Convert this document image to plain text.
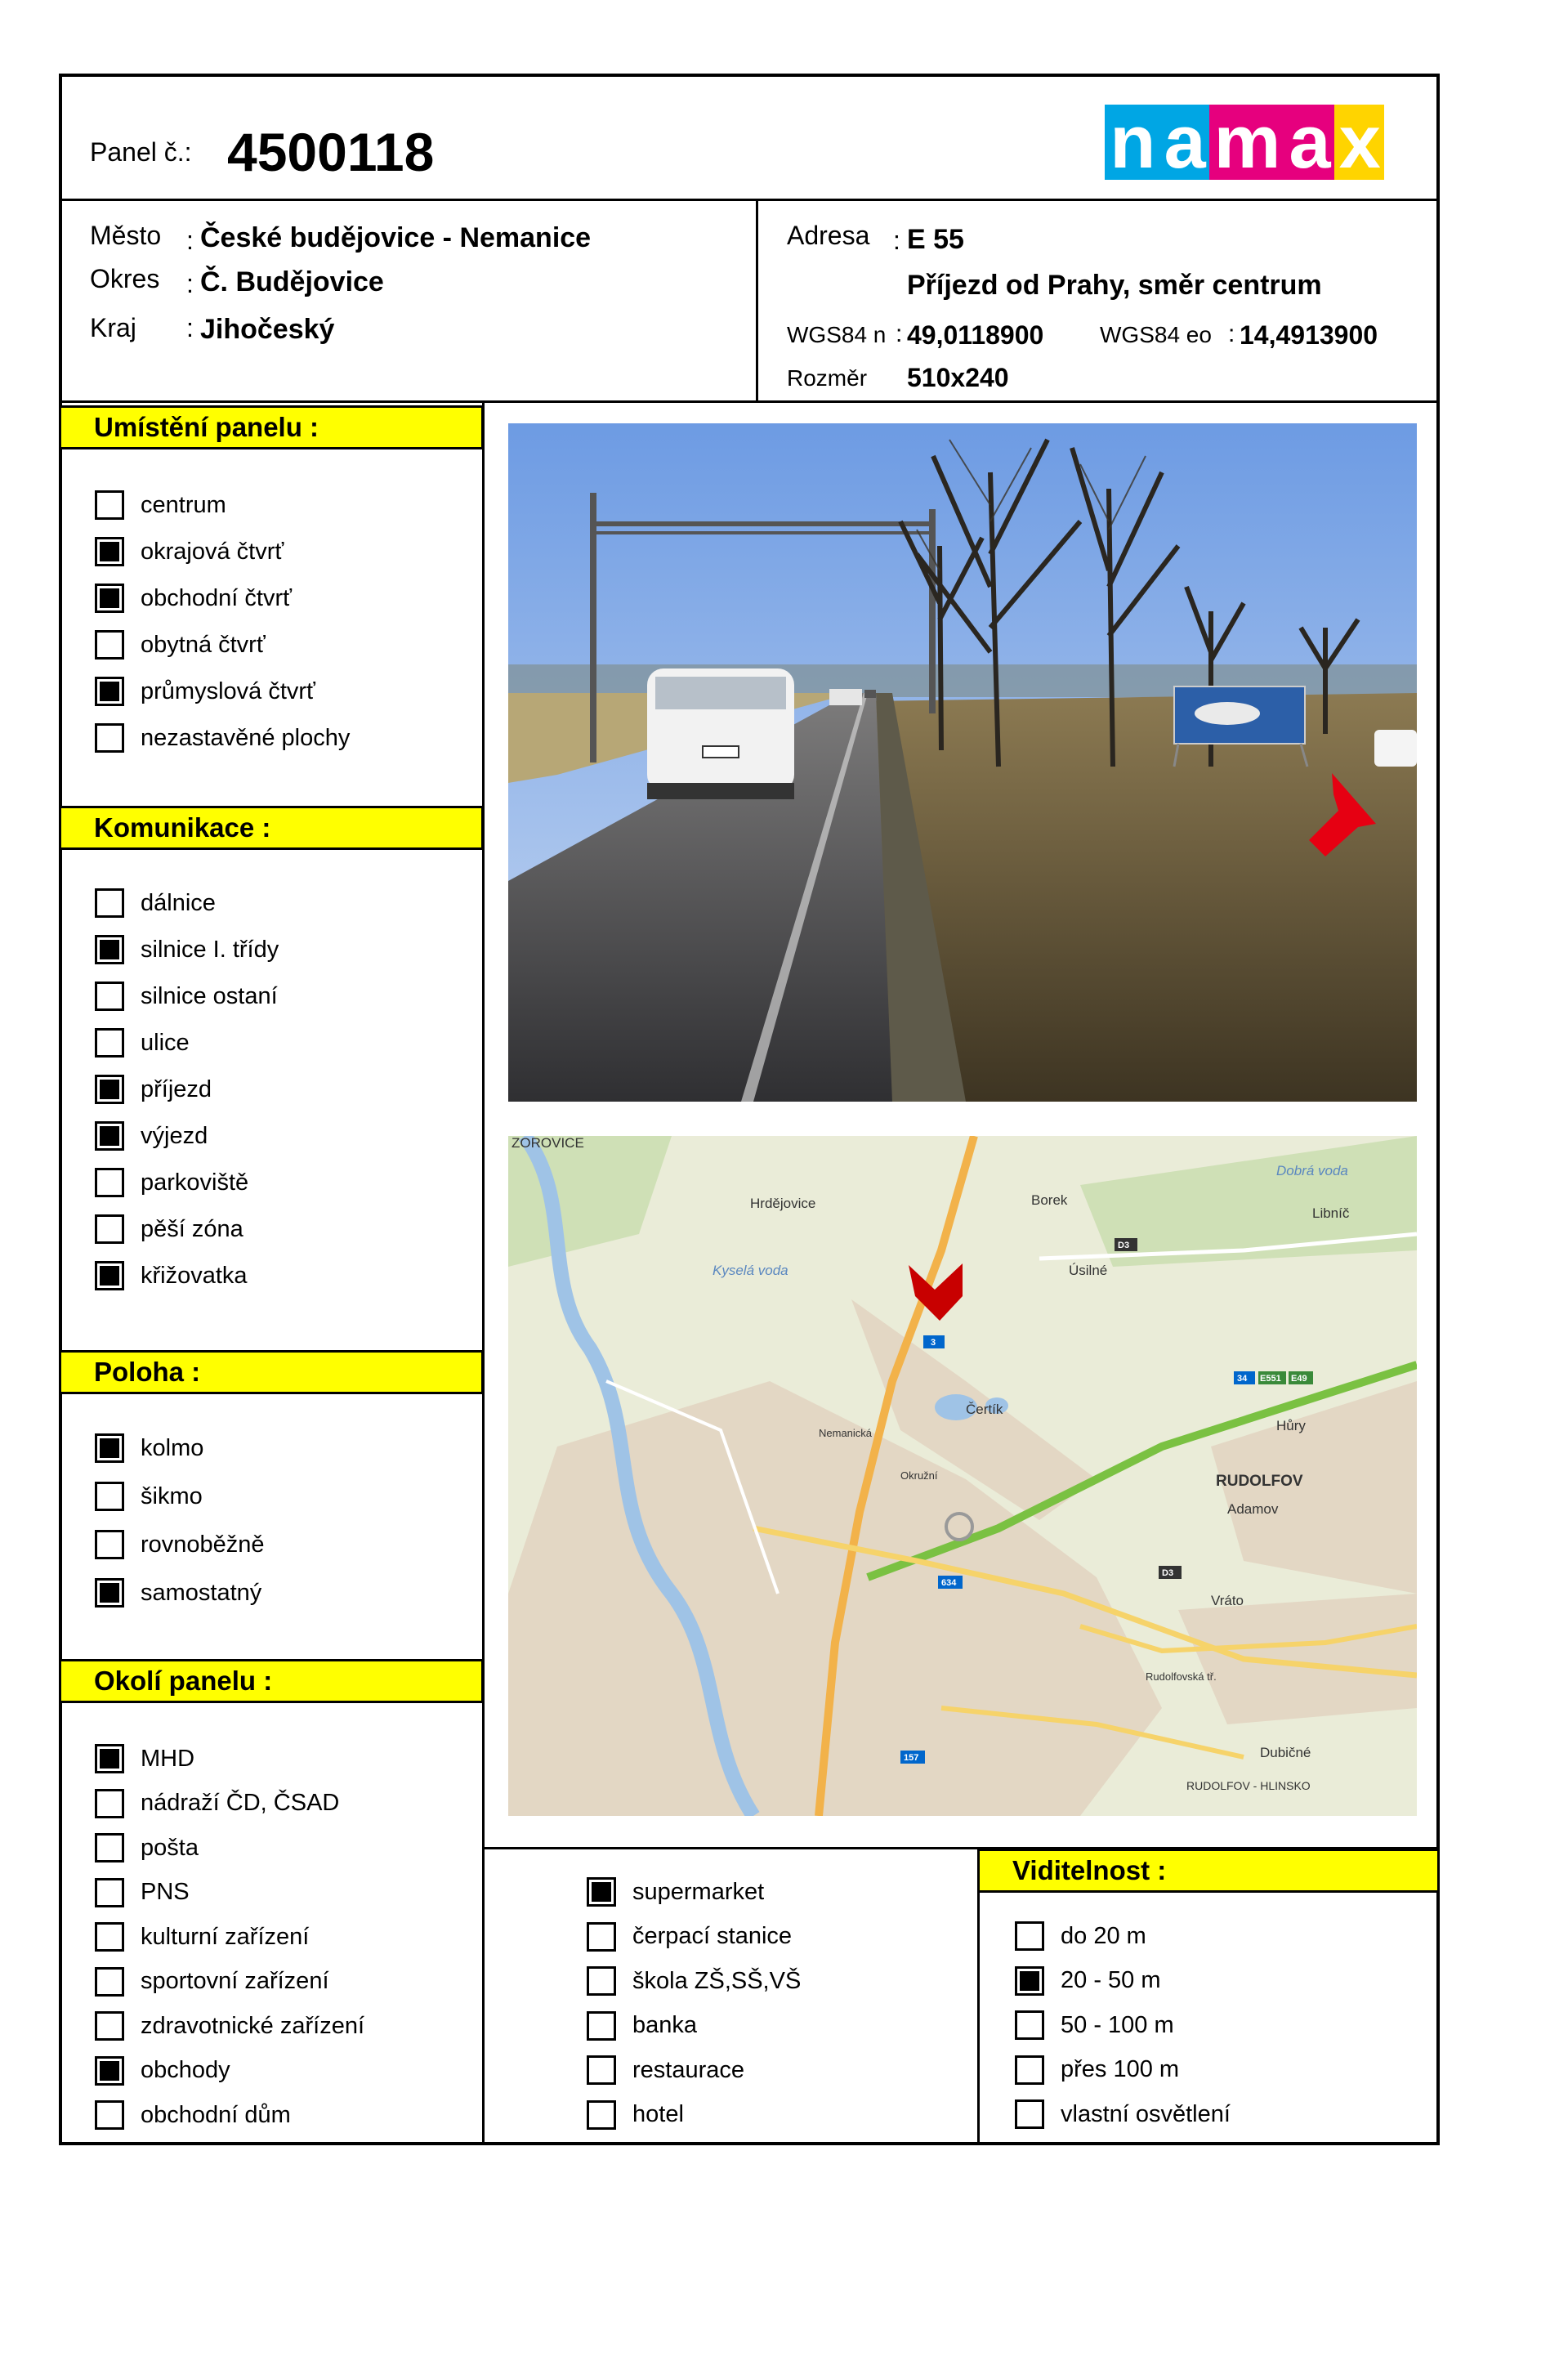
Panel č.: 4500118	n a m a x
Město : České budějovice - Nemanice
Okres : Č. Budějovice
Kraj : Jihočeský
Adresa : E 55
Příjezd od Prahy, směr centrum
WGS84 n : 49,0118900 WGS84 eo : 14,4913900
Rozměr 510x240
Umístění panelu :
centrum
okrajová čtvrť
obchodní čtvrť
obytná čtvrť
průmyslová čtvrť
nezastavěné plochy
Komunikace :
dálnice
silnice I. třídy
silnice ostaní
ulice
příjezd
výjezd
parkoviště
pěší zóna
křižovatka
Poloha :
kolmo
šikmo
rovnoběžně
samostatný
Okolí panelu :
MHD
nádraží ČD, ČSAD
pošta
PNS
kulturní zařízení
sportovní zařízení
zdravotnické zařízení
obchody
obchodní dům
supermarket
čerpací stanice
škola ZŠ,SŠ,VŠ
banka
restaurace
hotel
Viditelnost :
do 20 m
20 - 50 m
50 - 100 m
přes 100 m
vlastní osvětlení
ZOROVICE
Hrdějovice	Borek
Libníč
Úsilné
Čertík
Hůry
RUDOLFOV
Adamov
Vráto
Dubičné
RUDOLFOV - HLINSKO
Dobrá voda
Kyselá voda
Nemanická
Okružní
Rudolfovská tř.
D3
34 E551 E49
634
D3
157
3
